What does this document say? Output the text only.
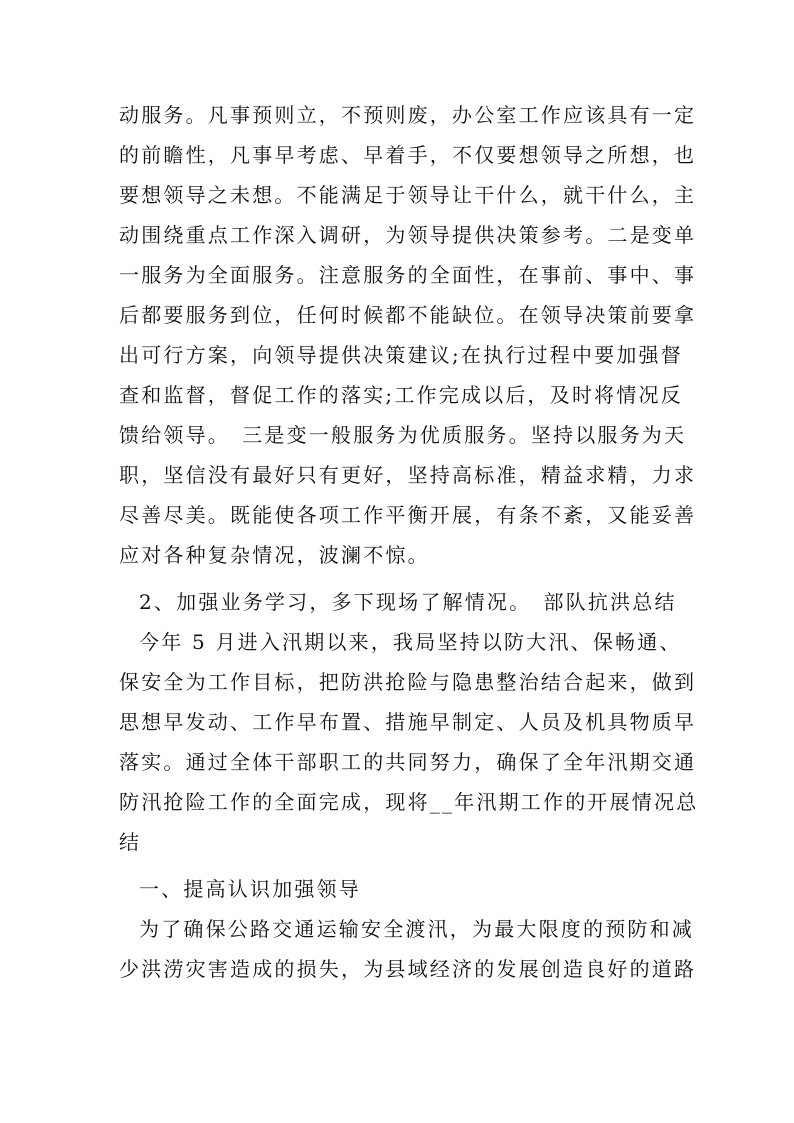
动服务。凡事预则立，不预则废，办公室工作应该具有一定
的前瞻性，凡事早考虑、早着手，不仅要想领导之所想，也
要想领导之未想。不能满足于领导让干什么，就干什么，主
动围绕重点工作深入调研，为领导提供决策参考。二是变单
一服务为全面服务。注意服务的全面性，在事前、事中、事
后都要服务到位，任何时候都不能缺位。在领导决策前要拿
出可行方案，向领导提供决策建议;在执行过程中要加强督
查和监督，督促工作的落实;工作完成以后，及时将情况反
馈给领导。　三是变一般服务为优质服务。坚持以服务为天
职，坚信没有最好只有更好，坚持高标准，精益求精，力求
尽善尽美。既能使各项工作平衡开展，有条不紊，又能妥善
应对各种复杂情况，波澜不惊。
2、加强业务学习，多下现场了解情况。　部队抗洪总结
今年 5 月进入汛期以来，我局坚持以防大汛、保畅通、
保安全为工作目标，把防洪抢险与隐患整治结合起来，做到
思想早发动、工作早布置、措施早制定、人员及机具物质早
落实。通过全体干部职工的共同努力，确保了全年汛期交通
防汛抢险工作的全面完成，现将__年汛期工作的开展情况总
结
一、提高认识加强领导
为了确保公路交通运输安全渡汛，为最大限度的预防和减
少洪涝灾害造成的损失，为县域经济的发展创造良好的道路
